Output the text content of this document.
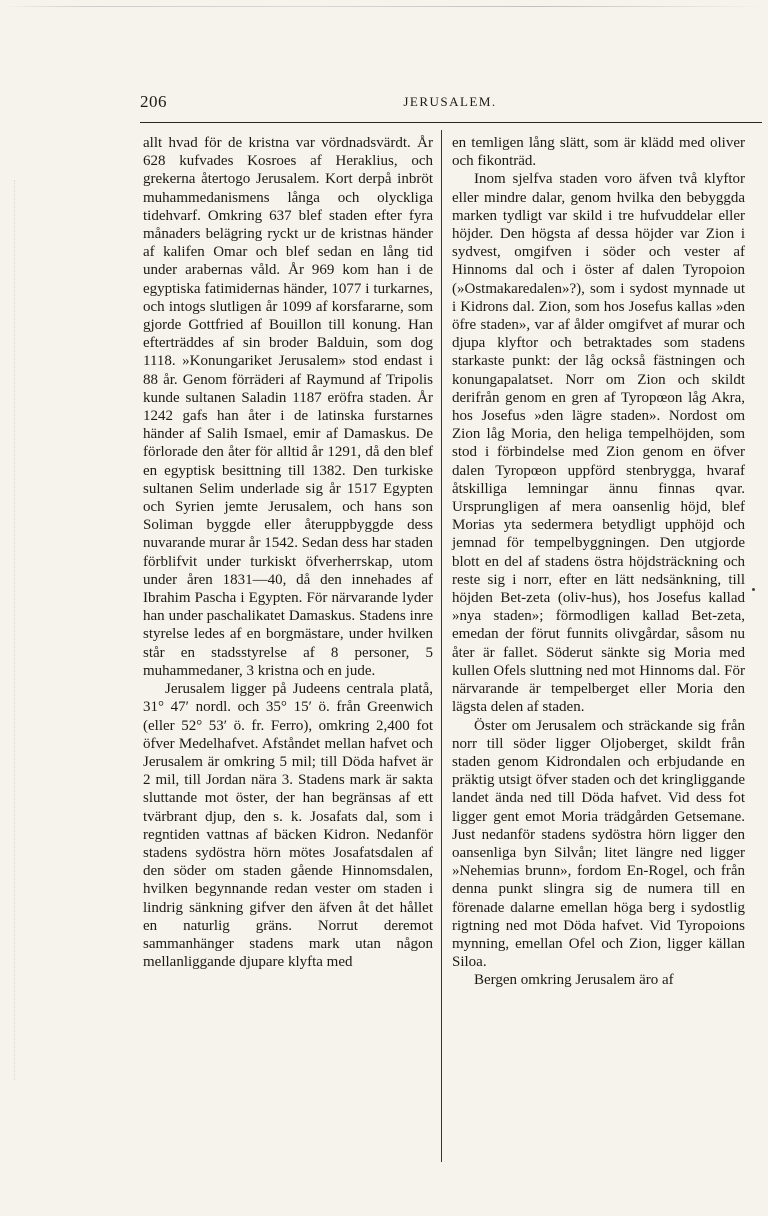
206	JERUSALEM.

allt hvad för de kristna var vördnadsvärdt. År 628 kufvades Kosroes af Heraklius, och grekerna återtogo Jerusalem. Kort derpå inbröt muhammedanismens långa och olyckliga tidehvarf. Omkring 637 blef staden efter fyra månaders belägring ryckt ur de kristnas händer af kalifen Omar och blef sedan en lång tid under arabernas våld. År 969 kom han i de egyptiska fatimidernas händer, 1077 i turkarnes, och intogs slutligen år 1099 af korsfararne, som gjorde Gottfried af Bouillon till konung. Han efterträddes af sin broder Balduin, som dog 1118. »Konungariket Jerusalem» stod endast i 88 år. Genom förräderi af Raymund af Tripolis kunde sultanen Saladin 1187 eröfra staden. År 1242 gafs han åter i de latinska furstarnes händer af Salih Ismael, emir af Damaskus. De förlorade den åter för alltid år 1291, då den blef en egyptisk besittning till 1382. Den turkiske sultanen Selim underlade sig år 1517 Egypten och Syrien jemte Jerusalem, och hans son Soliman byggde eller återuppbyggde dess nuvarande murar år 1542. Sedan dess har staden förblifvit under turkiskt öfverherrskap, utom under åren 1831—40, då den innehades af Ibrahim Pascha i Egypten. För närvarande lyder han under paschalikatet Damaskus. Stadens inre styrelse ledes af en borgmästare, under hvilken står en stadsstyrelse af 8 personer, 5 muhammedaner, 3 kristna och en jude.

Jerusalem ligger på Judeens centrala platå, 31° 47′ nordl. och 35° 15′ ö. från Greenwich (eller 52° 53′ ö. fr. Ferro), omkring 2,400 fot öfver Medelhafvet. Afståndet mellan hafvet och Jerusalem är omkring 5 mil; till Döda hafvet är 2 mil, till Jordan nära 3. Stadens mark är sakta sluttande mot öster, der han begränsas af ett tvärbrant djup, den s. k. Josafats dal, som i regntiden vattnas af bäcken Kidron. Nedanför stadens sydöstra hörn mötes Josafatsdalen af den söder om staden gående Hinnomsdalen, hvilken begynnande redan vester om staden i lindrig sänkning gifver den äfven åt det hållet en naturlig gräns. Norrut deremot sammanhänger stadens mark utan någon mellanliggande djupare klyfta med

en temligen lång slätt, som är klädd med oliver och fikonträd.

Inom sjelfva staden voro äfven två klyftor eller mindre dalar, genom hvilka den bebyggda marken tydligt var skild i tre hufvuddelar eller höjder. Den högsta af dessa höjder var Zion i sydvest, omgifven i söder och vester af Hinnoms dal och i öster af dalen Tyropoion (»Ostmakaredalen»?), som i sydost mynnade ut i Kidrons dal. Zion, som hos Josefus kallas »den öfre staden», var af ålder omgifvet af murar och djupa klyftor och betraktades som stadens starkaste punkt: der låg också fästningen och konungapalatset. Norr om Zion och skildt derifrån genom en gren af Tyropœon låg Akra, hos Josefus »den lägre staden». Nordost om Zion låg Moria, den heliga tempelhöjden, som stod i förbindelse med Zion genom en öfver dalen Tyropœon uppförd stenbrygga, hvaraf åtskilliga lemningar ännu finnas qvar. Ursprungligen af mera oansenlig höjd, blef Morias yta sedermera betydligt upphöjd och jemnad för tempelbyggningen. Den utgjorde blott en del af stadens östra höjdsträckning och reste sig i norr, efter en lätt nedsänkning, till höjden Bet-zeta (oliv-hus), hos Josefus kallad »nya staden»; förmodligen kallad Bet-zeta, emedan der förut funnits olivgårdar, såsom nu åter är fallet. Söderut sänkte sig Moria med kullen Ofels sluttning ned mot Hinnoms dal. För närvarande är tempelberget eller Moria den lägsta delen af staden.

Öster om Jerusalem och sträckande sig från norr till söder ligger Oljoberget, skildt från staden genom Kidrondalen och erbjudande en präktig utsigt öfver staden och det kringliggande landet ända ned till Döda hafvet. Vid dess fot ligger gent emot Moria trädgården Getsemane. Just nedanför stadens sydöstra hörn ligger den oansenliga byn Silvån; litet längre ned ligger »Nehemias brunn», fordom En-Rogel, och från denna punkt slingra sig de numera till en förenade dalarne emellan höga berg i sydostlig rigtning ned mot Döda hafvet. Vid Tyropoions mynning, emellan Ofel och Zion, ligger källan Siloa.

Bergen omkring Jerusalem äro af
